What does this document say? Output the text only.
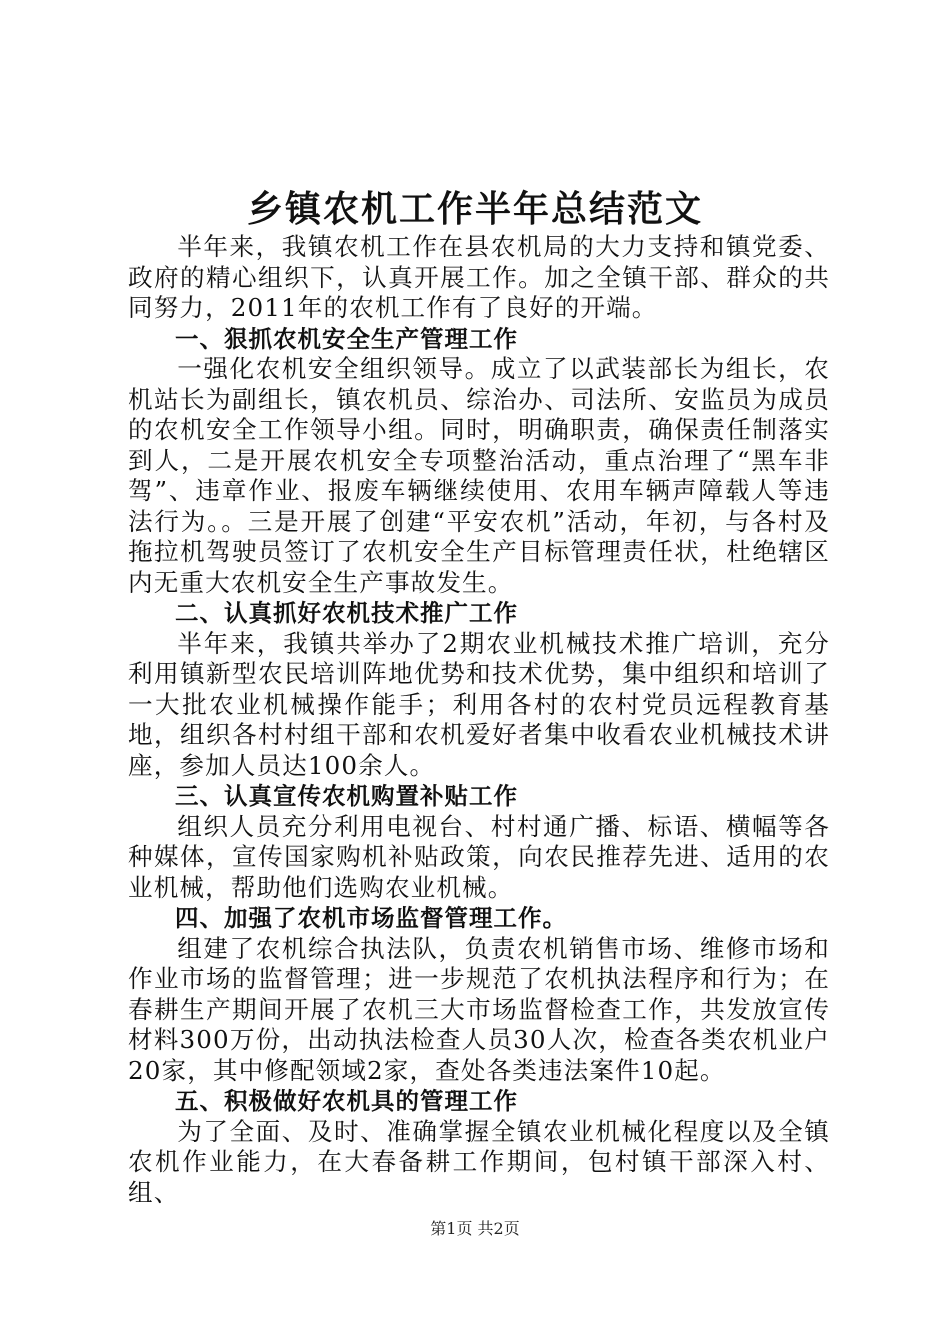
乡镇农机工作半年总结范文

半年来，我镇农机工作在县农机局的大力支持和镇党委、政府的精心组织下，认真开展工作。加之全镇干部、群众的共同努力，2011年的农机工作有了良好的开端。

一、狠抓农机安全生产管理工作

一强化农机安全组织领导。成立了以武装部长为组长，农机站长为副组长，镇农机员、综治办、司法所、安监员为成员的农机安全工作领导小组。同时，明确职责，确保责任制落实到人，二是开展农机安全专项整治活动，重点治理了“黑车非驾”、违章作业、报废车辆继续使用、农用车辆声障载人等违法行为。。三是开展了创建“平安农机”活动，年初，与各村及拖拉机驾驶员签订了农机安全生产目标管理责任状，杜绝辖区内无重大农机安全生产事故发生。

二、认真抓好农机技术推广工作

半年来，我镇共举办了2期农业机械技术推广培训，充分利用镇新型农民培训阵地优势和技术优势，集中组织和培训了一大批农业机械操作能手；利用各村的农村党员远程教育基地，组织各村村组干部和农机爱好者集中收看农业机械技术讲座，参加人员达100余人。

三、认真宣传农机购置补贴工作

组织人员充分利用电视台、村村通广播、标语、横幅等各种媒体，宣传国家购机补贴政策，向农民推荐先进、适用的农业机械，帮助他们选购农业机械。

四、加强了农机市场监督管理工作。

组建了农机综合执法队，负责农机销售市场、维修市场和作业市场的监督管理；进一步规范了农机执法程序和行为；在春耕生产期间开展了农机三大市场监督检查工作，共发放宣传材料300万份，出动执法检查人员30人次，检查各类农机业户20家，其中修配领域2家，查处各类违法案件10起。

五、积极做好农机具的管理工作

为了全面、及时、准确掌握全镇农业机械化程度以及全镇农机作业能力，在大春备耕工作期间，包村镇干部深入村、组、

第1页 共2页
